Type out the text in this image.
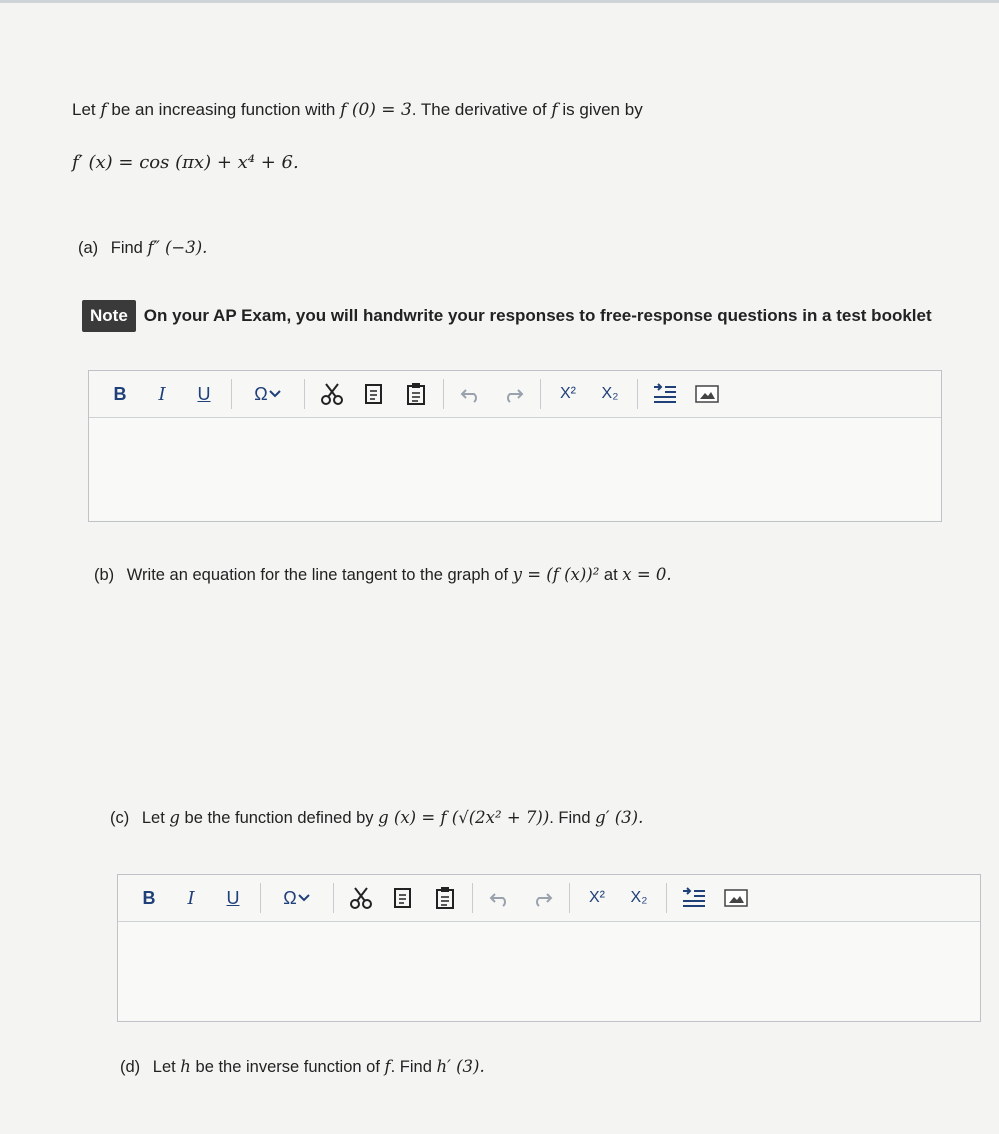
Let f be an increasing function with f (0) = 3. The derivative of f is given by
f′ (x) = cos (πx) + x⁴ + 6.
(a) Find f″ (−3).
Note On your AP Exam, you will handwrite your responses to free-response questions in a test booklet
B I U Ω	X² X₂
(b) Write an equation for the line tangent to the graph of y = (f (x))² at x = 0.
(c) Let g be the function defined by g (x) = f (√(2x² + 7)). Find g′ (3).
B I U Ω	X² X₂
(d) Let h be the inverse function of f. Find h′ (3).
